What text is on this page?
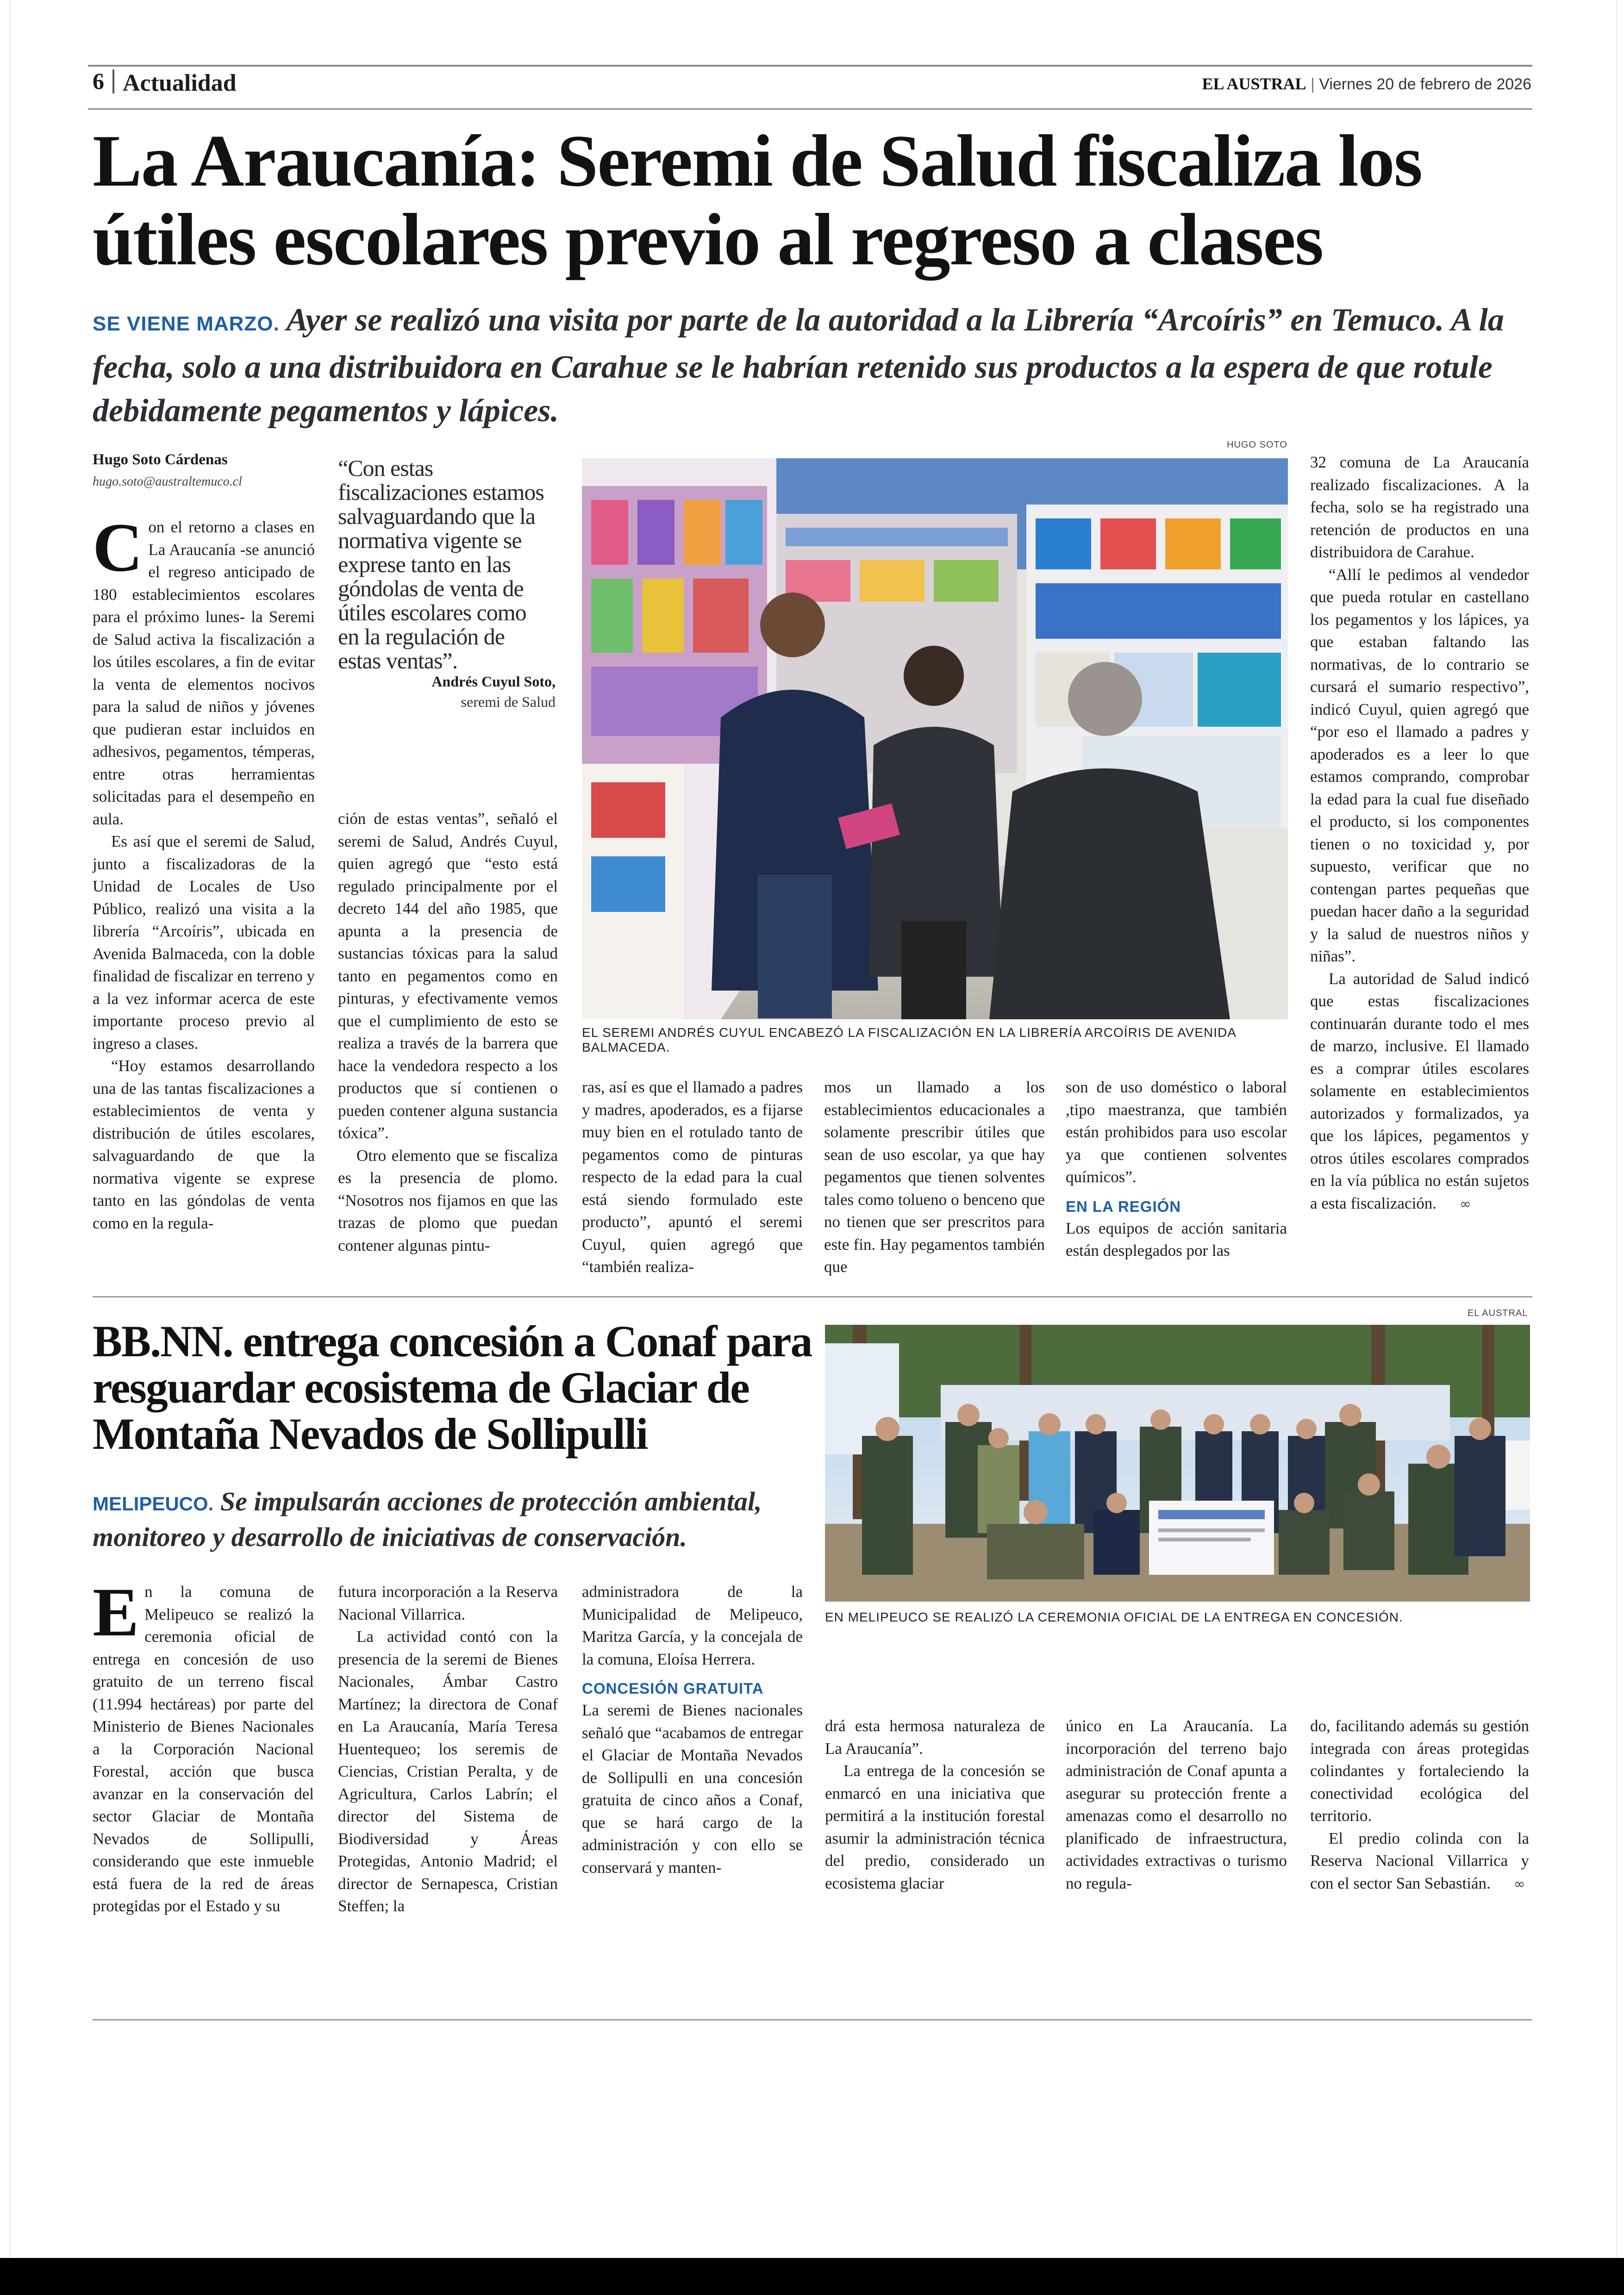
6 Actualidad	EL AUSTRAL | Viernes 20 de febrero de 2026
La Araucanía: Seremi de Salud fiscaliza los útiles escolares previo al regreso a clases

SE VIENE MARZO. Ayer se realizó una visita por parte de la autoridad a la Librería “Arcoíris” en Temuco. A la fecha, solo a una distribuidora en Carahue se le habrían retenido sus productos a la espera de que rotule debidamente pegamentos y lápices.

Hugo Soto Cárdenas
hugo.soto@australtemuco.cl

Con el retorno a clases en La Araucanía -se anunció el regreso anticipado de 180 establecimientos escolares para el próximo lunes- la Seremi de Salud activa la fiscalización a los útiles escolares, a fin de evitar la venta de elementos nocivos para la salud de niños y jóvenes que pudieran estar incluidos en adhesivos, pegamentos, témperas, entre otras herramientas solicitadas para el desempeño en aula.

Es así que el seremi de Salud, junto a fiscalizadoras de la Unidad de Locales de Uso Público, realizó una visita a la librería “Arcoíris”, ubicada en Avenida Balmaceda, con la doble finalidad de fiscalizar en terreno y a la vez informar acerca de este importante proceso previo al ingreso a clases.

“Hoy estamos desarrollando una de las tantas fiscalizaciones a establecimientos de venta y distribución de útiles escolares, salvaguardando de que la normativa vigente se exprese tanto en las góndolas de venta como en la regula-

“Con estas fiscalizaciones estamos salvaguardando que la normativa vigente se exprese tanto en las góndolas de venta de útiles escolares como en la regulación de estas ventas”.

Andrés Cuyul Soto,
seremi de Salud

ción de estas ventas”, señaló el seremi de Salud, Andrés Cuyul, quien agregó que “esto está regulado principalmente por el decreto 144 del año 1985, que apunta a la presencia de sustancias tóxicas para la salud tanto en pegamentos como en pinturas, y efectivamente vemos que el cumplimiento de esto se realiza a través de la barrera que hace la vendedora respecto a los productos que sí contienen o pueden contener alguna sustancia tóxica”.

Otro elemento que se fiscaliza es la presencia de plomo. “Nosotros nos fijamos en que las trazas de plomo que puedan contener algunas pintu-

HUGO SOTO
EL SEREMI ANDRÉS CUYUL ENCABEZÓ LA FISCALIZACIÓN EN LA LIBRERÍA ARCOÍRIS DE AVENIDA BALMACEDA.

ras, así es que el llamado a padres y madres, apoderados, es a fijarse muy bien en el rotulado tanto de pegamentos como de pinturas respecto de la edad para la cual está siendo formulado este producto”, apuntó el seremi Cuyul, quien agregó que “también realiza-

mos un llamado a los establecimientos educacionales a solamente prescribir útiles que sean de uso escolar, ya que hay pegamentos que tienen solventes tales como tolueno o benceno que no tienen que ser prescritos para este fin. Hay pegamentos también que

son de uso doméstico o laboral ,tipo maestranza, que también están prohibidos para uso escolar ya que contienen solventes químicos”.

EN LA REGIÓN

Los equipos de acción sanitaria están desplegados por las

32 comuna de La Araucanía realizado fiscalizaciones. A la fecha, solo se ha registrado una retención de productos en una distribuidora de Carahue.

“Allí le pedimos al vendedor que pueda rotular en castellano los pegamentos y los lápices, ya que estaban faltando las normativas, de lo contrario se cursará el sumario respectivo”, indicó Cuyul, quien agregó que “por eso el llamado a padres y apoderados es a leer lo que estamos comprando, comprobar la edad para la cual fue diseñado el producto, si los componentes tienen o no toxicidad y, por supuesto, verificar que no contengan partes pequeñas que puedan hacer daño a la seguridad y la salud de nuestros niños y niñas”.

La autoridad de Salud indicó que estas fiscalizaciones continuarán durante todo el mes de marzo, inclusive. El llamado es a comprar útiles escolares solamente en establecimientos autorizados y formalizados, ya que los lápices, pegamentos y otros útiles escolares comprados en la vía pública no están sujetos a esta fiscalización. ∞

BB.NN. entrega concesión a Conaf para resguardar ecosistema de Glaciar de Montaña Nevados de Sollipulli

MELIPEUCO. Se impulsarán acciones de protección ambiental, monitoreo y desarrollo de iniciativas de conservación.

EL AUSTRAL
EN MELIPEUCO SE REALIZÓ LA CEREMONIA OFICIAL DE LA ENTREGA EN CONCESIÓN.

En la comuna de Melipeuco se realizó la ceremonia oficial de entrega en concesión de uso gratuito de un terreno fiscal (11.994 hectáreas) por parte del Ministerio de Bienes Nacionales a la Corporación Nacional Forestal, acción que busca avanzar en la conservación del sector Glaciar de Montaña Nevados de Sollipulli, considerando que este inmueble está fuera de la red de áreas protegidas por el Estado y su

futura incorporación a la Reserva Nacional Villarrica.

La actividad contó con la presencia de la seremi de Bienes Nacionales, Ámbar Castro Martínez; la directora de Conaf en La Araucanía, María Teresa Huentequeo; los seremis de Ciencias, Cristian Peralta, y de Agricultura, Carlos Labrín; el director del Sistema de Biodiversidad y Áreas Protegidas, Antonio Madrid; el director de Sernapesca, Cristian Steffen; la

administradora de la Municipalidad de Melipeuco, Maritza García, y la concejala de la comuna, Eloísa Herrera.

CONCESIÓN GRATUITA

La seremi de Bienes nacionales señaló que “acabamos de entregar el Glaciar de Montaña Nevados de Sollipulli en una concesión gratuita de cinco años a Conaf, que se hará cargo de la administración y con ello se conservará y manten-

drá esta hermosa naturaleza de La Araucanía”.

La entrega de la concesión se enmarcó en una iniciativa que permitirá a la institución forestal asumir la administración técnica del predio, considerado un ecosistema glaciar

único en La Araucanía. La incorporación del terreno bajo administración de Conaf apunta a asegurar su protección frente a amenazas como el desarrollo no planificado de infraestructura, actividades extractivas o turismo no regula-

do, facilitando además su gestión integrada con áreas protegidas colindantes y fortaleciendo la conectividad ecológica del territorio.

El predio colinda con la Reserva Nacional Villarrica y con el sector San Sebastián. ∞
